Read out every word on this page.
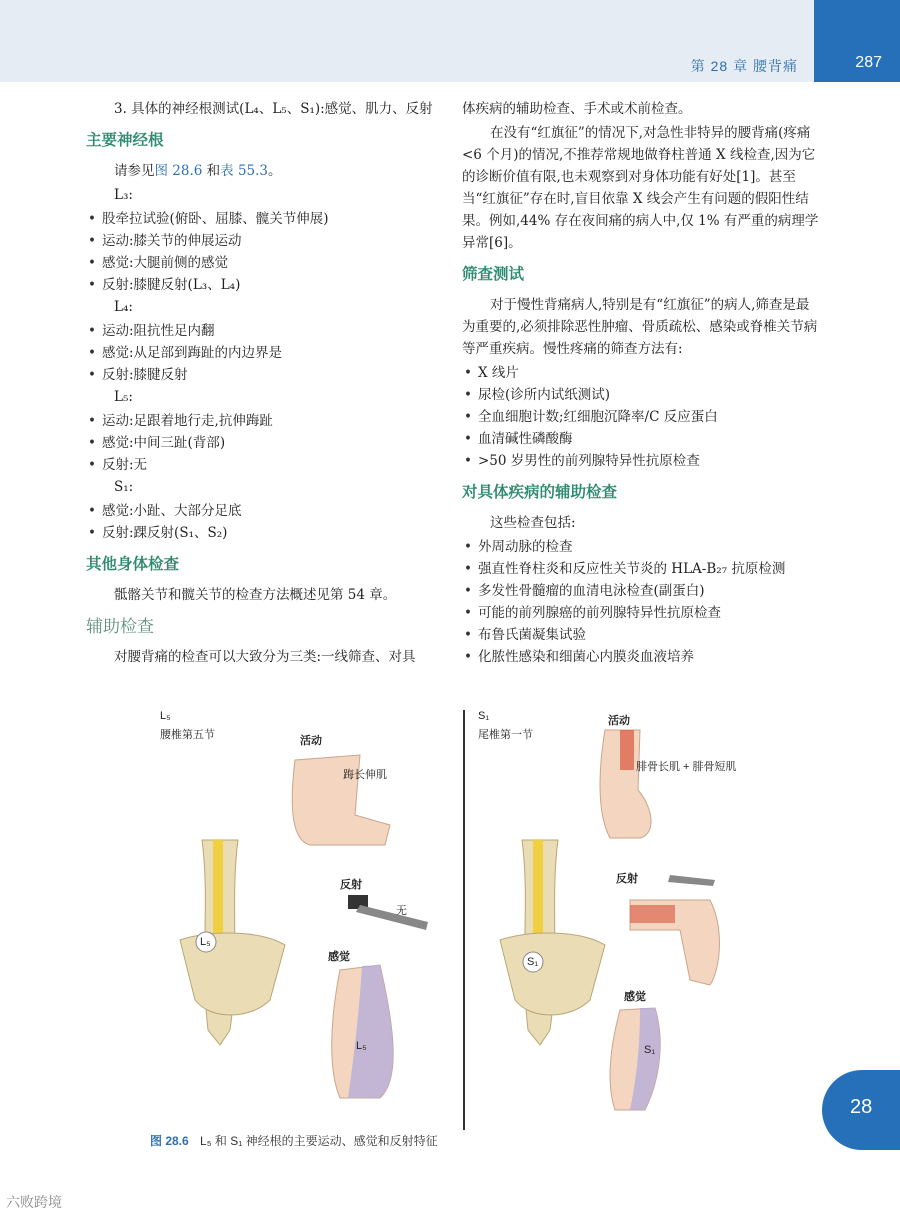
第 28 章 腰背痛	287

3. 具体的神经根测试(L₄、L₅、S₁):感觉、肌力、反射

主要神经根

请参见图 28.6 和表 55.3。

L₃:

• 股牵拉试验(俯卧、屈膝、髋关节伸展)
• 运动:膝关节的伸展运动
• 感觉:大腿前侧的感觉
• 反射:膝腱反射(L₃、L₄)

L₄:

• 运动:阻抗性足内翻
• 感觉:从足部到踇趾的内边界是
• 反射:膝腱反射

L₅:

• 运动:足跟着地行走,抗伸踇趾
• 感觉:中间三趾(背部)
• 反射:无

S₁:

• 感觉:小趾、大部分足底
• 反射:踝反射(S₁、S₂)
其他身体检查

骶髂关节和髋关节的检查方法概述见第 54 章。

辅助检查

对腰背痛的检查可以大致分为三类:一线筛查、对具

体疾病的辅助检查、手术或术前检查。

在没有“红旗征”的情况下,对急性非特异的腰背痛(疼痛 <6 个月)的情况,不推荐常规地做脊柱普通 X 线检查,因为它的诊断价值有限,也未观察到对身体功能有好处[1]。甚至当“红旗征”存在时,盲目依靠 X 线会产生有问题的假阳性结果。例如,44% 存在夜间痛的病人中,仅 1% 有严重的病理学异常[6]。

筛查测试

对于慢性背痛病人,特别是有“红旗征”的病人,筛查是最为重要的,必须排除恶性肿瘤、骨质疏松、感染或脊椎关节病等严重疾病。慢性疼痛的筛查方法有:

• X 线片
• 尿检(诊所内试纸测试)
• 全血细胞计数;红细胞沉降率/C 反应蛋白
• 血清碱性磷酸酶
• >50 岁男性的前列腺特异性抗原检查
对具体疾病的辅助检查

这些检查包括:

• 外周动脉的检查
• 强直性脊柱炎和反应性关节炎的 HLA-B₂₇ 抗原检测
• 多发性骨髓瘤的血清电泳检查(副蛋白)
• 可能的前列腺癌的前列腺特异性抗原检查
• 布鲁氏菌凝集试验
• 化脓性感染和细菌心内膜炎血液培养
L₅
腰椎第五节	活动
踇长伸肌
反射
无
感觉
L₅
L₅
S₁
尾椎第一节
活动
腓骨长肌 + 腓骨短肌
反射
感觉
S₁
S₁
图 28.6 L₅ 和 S₁ 神经根的主要运动、感觉和反射特征
28
六败跨境
